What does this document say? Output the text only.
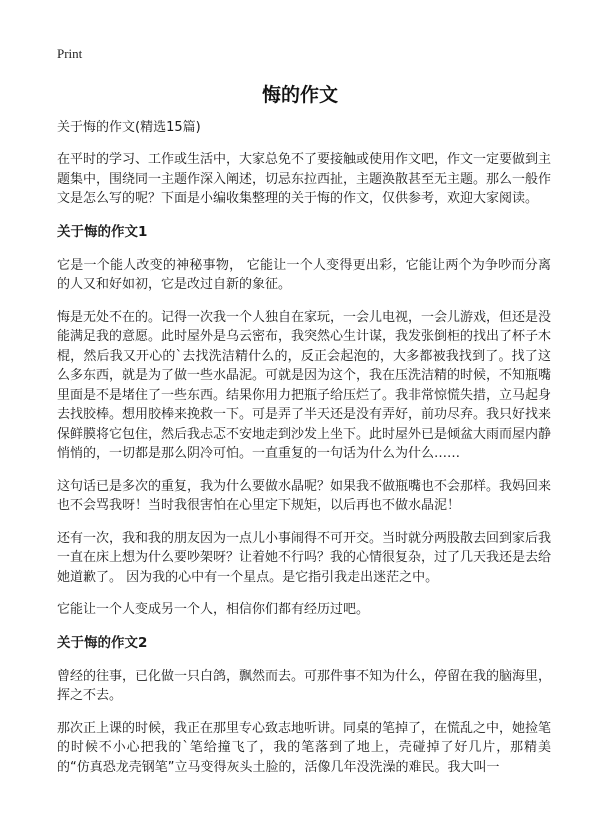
Print
悔的作文
关于悔的作文(精选15篇)
在平时的学习、工作或生活中，大家总免不了要接触或使用作文吧，作文一定要做到主题集中，围绕同一主题作深入阐述，切忌东拉西扯，主题涣散甚至无主题。那么一般作文是怎么写的呢？下面是小编收集整理的关于悔的作文，仅供参考，欢迎大家阅读。
关于悔的作文1
它是一个能人改变的神秘事物， 它能让一个人变得更出彩，它能让两个为争吵而分离的人又和好如初，它是改过自新的象征。
悔是无处不在的。记得一次我一个人独自在家玩，一会儿电视，一会儿游戏，但还是没能满足我的意愿。此时屋外是乌云密布，我突然心生计谋，我发张倒柜的找出了杯子木棍，然后我又开心的`去找洗洁精什么的，反正会起泡的，大多都被我找到了。找了这么多东西，就是为了做一些水晶泥。可就是因为这个，我在压洗洁精的时候，不知瓶嘴里面是不是堵住了一些东西。结果你用力把瓶子给压烂了。我非常惊慌失措，立马起身去找胶棒。想用胶棒来挽救一下。可是弄了半天还是没有弄好，前功尽弃。我只好找来保鲜膜将它包住，然后我忐忑不安地走到沙发上坐下。此时屋外已是倾盆大雨而屋内静悄悄的，一切都是那么阴冷可怕。一直重复的一句话为什么为什么……
这句话已是多次的重复，我为什么要做水晶呢？如果我不做瓶嘴也不会那样。我妈回来也不会骂我呀！当时我很害怕在心里定下规矩，以后再也不做水晶泥！
还有一次，我和我的朋友因为一点儿小事闹得不可开交。当时就分两股散去回到家后我一直在床上想为什么要吵架呀？让着她不行吗？我的心情很复杂，过了几天我还是去给她道歉了。 因为我的心中有一个星点。是它指引我走出迷茫之中。
它能让一个人变成另一个人，相信你们都有经历过吧。
关于悔的作文2
曾经的往事，已化做一只白鸽，飘然而去。可那件事不知为什么，停留在我的脑海里，挥之不去。
那次正上课的时候，我正在那里专心致志地听讲。同桌的笔掉了，在慌乱之中，她捡笔的时候不小心把我的`笔给撞飞了，我的笔落到了地上，壳碰掉了好几片，那精美的“仿真恐龙壳钢笔”立马变得灰头土脸的，活像几年没洗澡的难民。我大叫一
